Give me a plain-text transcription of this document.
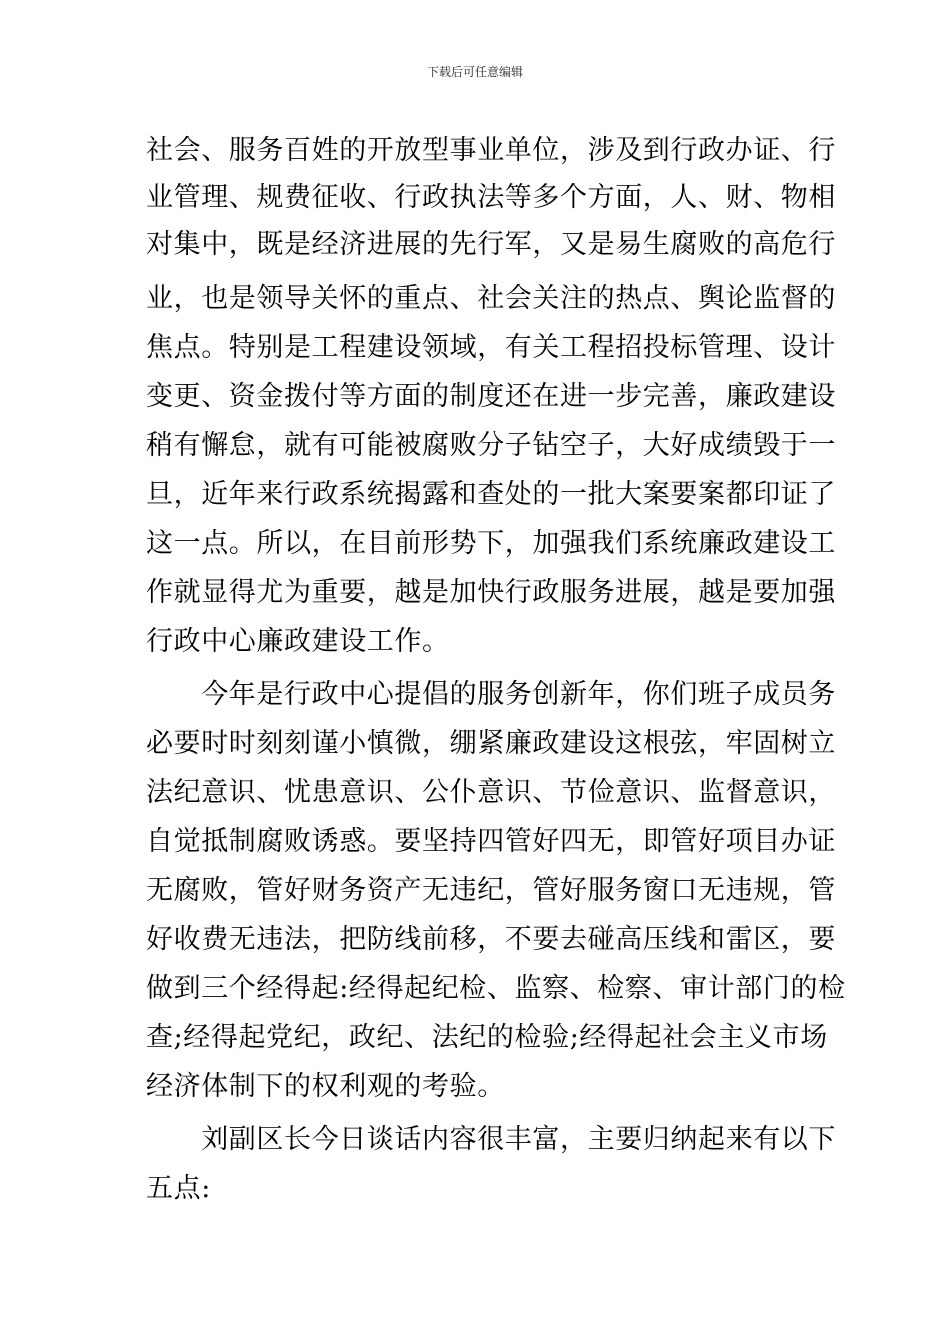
下载后可任意编辑
社会、服务百姓的开放型事业单位，涉及到行政办证、行
业管理、规费征收、行政执法等多个方面，人、财、物相
对集中，既是经济进展的先行军，又是易生腐败的高危行
业，也是领导关怀的重点、社会关注的热点、舆论监督的
焦点。特别是工程建设领域，有关工程招投标管理、设计
变更、资金拨付等方面的制度还在进一步完善，廉政建设
稍有懈怠，就有可能被腐败分子钻空子，大好成绩毁于一
旦，近年来行政系统揭露和查处的一批大案要案都印证了
这一点。所以，在目前形势下，加强我们系统廉政建设工
作就显得尤为重要，越是加快行政服务进展，越是要加强
行政中心廉政建设工作。
　　今年是行政中心提倡的服务创新年，你们班子成员务
必要时时刻刻谨小慎微，绷紧廉政建设这根弦，牢固树立
法纪意识、忧患意识、公仆意识、节俭意识、监督意识，
自觉抵制腐败诱惑。要坚持四管好四无，即管好项目办证
无腐败，管好财务资产无违纪，管好服务窗口无违规，管
好收费无违法，把防线前移，不要去碰高压线和雷区，要
做到三个经得起:经得起纪检、监察、检察、审计部门的检
查;经得起党纪，政纪、法纪的检验;经得起社会主义市场
经济体制下的权利观的考验。
　　刘副区长今日谈话内容很丰富，主要归纳起来有以下
五点:
